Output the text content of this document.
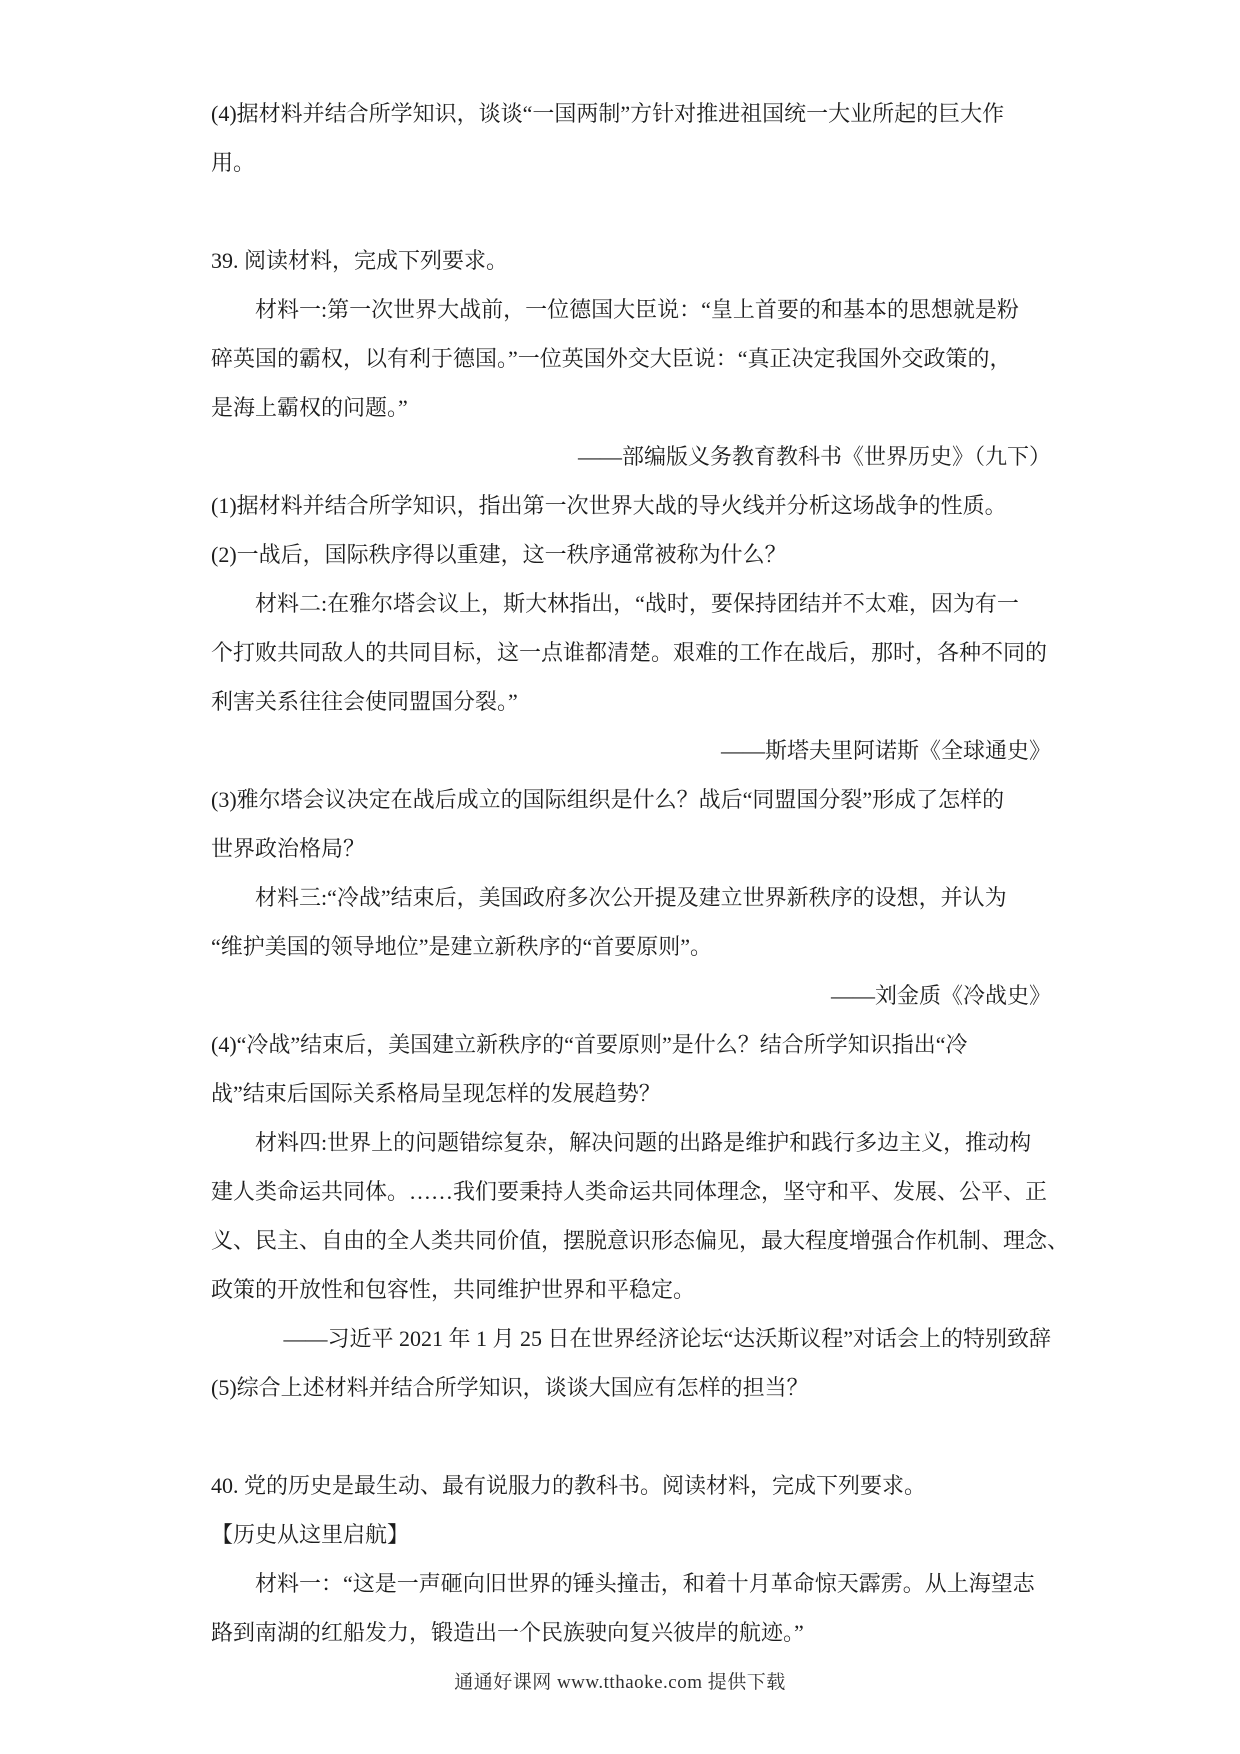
(4)据材料并结合所学知识，谈谈“一国两制”方针对推进祖国统一大业所起的巨大作
用。
39. 阅读材料，完成下列要求。
材料一:第一次世界大战前，一位德国大臣说：“皇上首要的和基本的思想就是粉
碎英国的霸权，以有利于德国。”一位英国外交大臣说：“真正决定我国外交政策的，
是海上霸权的问题。”
——部编版义务教育教科书《世界历史》（九下）
(1)据材料并结合所学知识，指出第一次世界大战的导火线并分析这场战争的性质。
(2)一战后，国际秩序得以重建，这一秩序通常被称为什么？
材料二:在雅尔塔会议上，斯大林指出，“战时，要保持团结并不太难，因为有一
个打败共同敌人的共同目标，这一点谁都清楚。艰难的工作在战后，那时，各种不同的
利害关系往往会使同盟国分裂。”
——斯塔夫里阿诺斯《全球通史》
(3)雅尔塔会议决定在战后成立的国际组织是什么？战后“同盟国分裂”形成了怎样的
世界政治格局？
材料三:“冷战”结束后，美国政府多次公开提及建立世界新秩序的设想，并认为
“维护美国的领导地位”是建立新秩序的“首要原则”。
——刘金质《冷战史》
(4)“冷战”结束后，美国建立新秩序的“首要原则”是什么？结合所学知识指出“冷
战”结束后国际关系格局呈现怎样的发展趋势？
材料四:世界上的问题错综复杂，解决问题的出路是维护和践行多边主义，推动构
建人类命运共同体。……我们要秉持人类命运共同体理念，坚守和平、发展、公平、正
义、民主、自由的全人类共同价值，摆脱意识形态偏见，最大程度增强合作机制、理念、
政策的开放性和包容性，共同维护世界和平稳定。
——习近平 2021 年 1 月 25 日在世界经济论坛“达沃斯议程”对话会上的特别致辞
(5)综合上述材料并结合所学知识，谈谈大国应有怎样的担当？
40. 党的历史是最生动、最有说服力的教科书。阅读材料，完成下列要求。
【历史从这里启航】
材料一：“这是一声砸向旧世界的锤头撞击，和着十月革命惊天霹雳。从上海望志
路到南湖的红船发力，锻造出一个民族驶向复兴彼岸的航迹。”
通通好课网 www.tthaoke.com 提供下载
